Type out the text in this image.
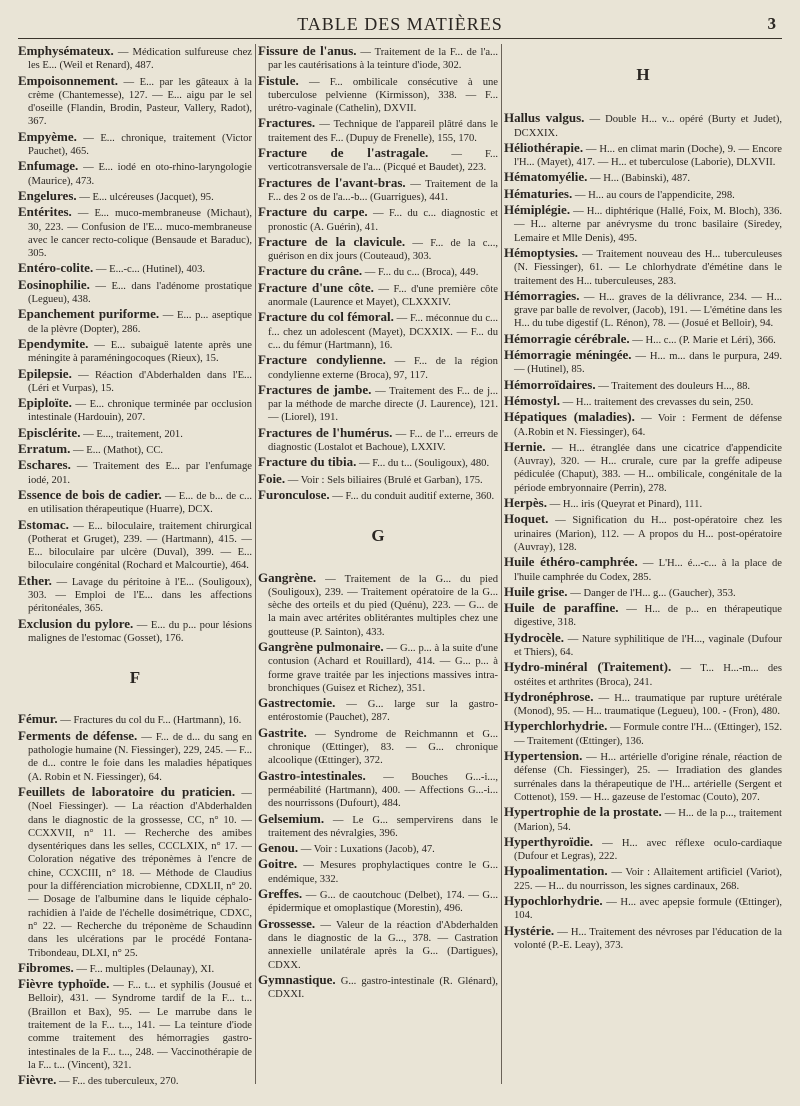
TABLE DES MATIÈRES	3
Emphysémateux. — Médication sulfureuse chez les E... (Weil et Renard), 487.
Empoisonnement. — E... par les gâteaux à la crème (Chantemesse), 127. — E... aigu par le sel d'oseille (Flandin, Brodin, Pasteur, Vallery, Radot), 367.
Empyème. — E... chronique, traitement (Victor Pauchet), 465.
Enfumage. — E... iodé en oto-rhino-laryngologie (Maurice), 473.
Engelures. — E... ulcéreuses (Jacquet), 95.
Entérites. — E... muco-membraneuse (Michaut), 30, 223. — Confusion de l'E... muco-membraneuse avec le cancer recto-colique (Bensaude et Baraduc), 305.
Entéro-colite. — E...-c... (Hutinel), 403.
Eosinophilie. — E... dans l'adénome prostatique (Legueu), 438.
Epanchement puriforme. — E... p... aseptique de la plèvre (Dopter), 286.
Ependymite. — E... subaiguë latente après une méningite à paraméningocoques (Rieux), 15.
Epilepsie. — Réaction d'Abderhalden dans l'E... (Léri et Vurpas), 15.
Epiploïte. — E... chronique terminée par occlusion intestinale (Hardouin), 207.
Episclérite. — E..., traitement, 201.
Erratum. — E... (Mathot), CC.
Eschares. — Traitement des E... par l'enfumage iodé, 201.
Essence de bois de cadier. — E... de b... de c... en utilisation thérapeutique (Huarre), DCX.
Estomac. — E... biloculaire, traitement chirurgical (Potherat et Gruget), 239. — (Hartmann), 415. — E... biloculaire par ulcère (Duval), 399. — E... biloculaire congénital (Rochard et Malcourtie), 464.
Ether. — Lavage du péritoine à l'E... (Souligoux), 303. — Emploi de l'E... dans les affections péritonéales, 365.
Exclusion du pylore. — E... du p... pour lésions malignes de l'estomac (Gosset), 176.
F
Fémur. — Fractures du col du F... (Hartmann), 16.
Ferments de défense. — F... de d... du sang en pathologie humaine (N. Fiessinger), 229, 245. — F... de d... contre le foie dans les maladies hépatiques (A. Robin et N. Fiessinger), 64.
Feuillets de laboratoire du praticien. — (Noel Fiessinger). — La réaction d'Abderhalden dans le diagnostic de la grossesse, CC, n° 10. — CCXXVII, n° 11. — Recherche des amibes dysentériques dans les selles, CCCLXIX, n° 17. — Coloration négative des tréponèmes à l'encre de chine, CCXCIII, n° 18. — Méthode de Claudius pour la différenciation microbienne, CDXLII, n° 20. — Dosage de l'albumine dans le liquide céphalo-rachidien à l'aide de l'échelle dosimétrique, CDXC, n° 22. — Recherche du tréponème de Schaudinn dans les ulcérations par le procédé Fontana-Tribondeau, DLXI, n° 25.
Fibromes. — F... multiples (Delaunay), XI.
Fièvre typhoïde. — F... t... et syphilis (Jousué et Belloir), 431. — Syndrome tardif de la F... t... (Braillon et Bax), 95. — Le marrube dans le traitement de la F... t..., 141. — La teinture d'iode comme traitement des hémorragies gastro-intestinales de la F... t..., 248. — Vaccinothérapie de la F... t... (Vincent), 321.
Fièvre. — F... des tuberculeux, 270.
Fissure de l'anus. — Traitement de la F... de l'a... par les cautérisations à la teinture d'iode, 302.
Fistule. — F... ombilicale consécutive à une tuberculose pelvienne (Kirmisson), 338. — F... urétro-vaginale (Cathelin), DXVII.
Fractures. — Technique de l'appareil plâtré dans le traitement des F... (Dupuy de Frenelle), 155, 170.
Fracture de l'astragale. — F... verticotransversale de l'a... (Picqué et Baudet), 223.
Fractures de l'avant-bras. — Traitement de la F... des 2 os de l'a...-b... (Guarrigues), 441.
Fracture du carpe. — F... du c... diagnostic et pronostic (A. Guérin), 41.
Fracture de la clavicule. — F... de la c..., guérison en dix jours (Couteaud), 303.
Fracture du crâne. — F... du c... (Broca), 449.
Fracture d'une côte. — F... d'une première côte anormale (Laurence et Mayet), CLXXXIV.
Fracture du col fémoral. — F... méconnue du c... f... chez un adolescent (Mayet), DCXXIX. — F... du c... du fémur (Hartmann), 16.
Fracture condylienne. — F... de la région condylienne externe (Broca), 97, 117.
Fractures de jambe. — Traitement des F... de j... par la méthode de marche directe (J. Laurence), 121. — (Liorel), 191.
Fractures de l'humérus. — F... de l'... erreurs de diagnostic (Lostalot et Bachoue), LXXIV.
Fracture du tibia. — F... du t... (Souligoux), 480.
Foie. — Voir : Sels biliaires (Brulé et Garban), 175.
Furonculose. — F... du conduit auditif externe, 360.
G
Gangrène. — Traitement de la G... du pied (Souligoux), 239. — Traitement opératoire de la G... sèche des orteils et du pied (Quénu), 223. — G... de la main avec artérites oblitérantes multiples chez une goutteuse (P. Sainton), 433.
Gangrène pulmonaire. — G... p... à la suite d'une contusion (Achard et Rouillard), 414. — G... p... à forme grave traitée par les injections massives intra-bronchiques (Guisez et Richez), 351.
Gastrectomie. — G... large sur la gastro-entérostomie (Pauchet), 287.
Gastrite. — Syndrome de Reichmannn et G... chronique (Œttinger), 83. — G... chronique alcoolique (Œttinger), 372.
Gastro-intestinales. — Bouches G...-i..., perméabilité (Hartmann), 400. — Affections G...-i... des nourrissons (Dufourt), 484.
Gelsemium. — Le G... sempervirens dans le traitement des névralgies, 396.
Genou. — Voir : Luxations (Jacob), 47.
Goitre. — Mesures prophylactiques contre le G... endémique, 332.
Greffes. — G... de caoutchouc (Delbet), 174. — G... épidermique et omoplastique (Morestin), 496.
Grossesse. — Valeur de la réaction d'Abderhalden dans le diagnostic de la G..., 378. — Castration annexielle unilatérale après la G... (Dartigues), CDXX.
Gymnastique. G... gastro-intestinale (R. Glénard), CDXXI.
H
Hallus valgus. — Double H... v... opéré (Burty et Judet), DCXXIX.
Héliothérapie. — H... en climat marin (Doche), 9. — Encore l'H... (Mayet), 417. — H... et tuberculose (Laborie), DLXVII.
Hématomyélie. — H... (Babinski), 487.
Hématuries. — H... au cours de l'appendicite, 298.
Hémiplégie. — H... diphtérique (Hallé, Foix, M. Bloch), 336. — H... alterne par anévrysme du tronc basilaire (Siredey, Lemaire et Mlle Denis), 495.
Hémoptysies. — Traitement nouveau des H... tuberculeuses (N. Fiessinger), 61. — Le chlorhydrate d'émétine dans le traitement des H... tuberculeuses, 283.
Hémorragies. — H... graves de la délivrance, 234. — H... grave par balle de revolver, (Jacob), 191. — L'émétine dans les H... du tube digestif (L. Rénon), 78. — (Josué et Belloir), 94.
Hémorragie cérébrale. — H... c... (P. Marie et Léri), 366.
Hémorragie méningée. — H... m... dans le purpura, 249. — (Hutinel), 85.
Hémorroïdaires. — Traitement des douleurs H..., 88.
Hémostyl. — H... traitement des crevasses du sein, 250.
Hépatiques (maladies). — Voir : Ferment de défense (A.Robin et N. Fiessinger), 64.
Hernie. — H... étranglée dans une cicatrice d'appendicite (Auvray), 320. — H... crurale, cure par la greffe adipeuse pédiculée (Chaput), 383. — H... ombilicale, congénitale de la période embryonnaire (Perrin), 278.
Herpès. — H... iris (Queyrat et Pinard), 111.
Hoquet. — Signification du H... post-opératoire chez les urinaires (Marion), 112. — A propos du H... post-opératoire (Auvray), 128.
Huile éthéro-camphrée. — L'H... é...-c... à la place de l'huile camphrée du Codex, 285.
Huile grise. — Danger de l'H... g... (Gaucher), 353.
Huile de paraffine. — H... de p... en thérapeutique digestive, 318.
Hydrocèle. — Nature syphilitique de l'H..., vaginale (Dufour et Thiers), 64.
Hydro-minéral (Traitement). — T... H...-m... des ostéites et arthrites (Broca), 241.
Hydronéphrose. — H... traumatique par rupture urétérale (Monod), 95. — H... traumatique (Legueu), 100. - (Fron), 480.
Hyperchlorhydrie. — Formule contre l'H... (Œttinger), 152. — Traitement (Œttinger), 136.
Hypertension. — H... artérielle d'origine rénale, réaction de défense (Ch. Fiessinger), 25. — Irradiation des glandes surrénales dans la thérapeutique de l'H... artérielle (Sergent et Cottenot), 159. — H... gazeuse de l'estomac (Couto), 207.
Hypertrophie de la prostate. — H... de la p..., traitement (Marion), 54.
Hyperthyroïdie. — H... avec réflexe oculo-cardiaque (Dufour et Legras), 222.
Hypoalimentation. — Voir : Allaitement artificiel (Variot), 225. — H... du nourrisson, les signes cardinaux, 268.
Hypochlorhydrie. — H... avec apepsie formule (Œttinger), 104.
Hystérie. — H... Traitement des névroses par l'éducation de la volonté (P.-E. Leay), 373.
